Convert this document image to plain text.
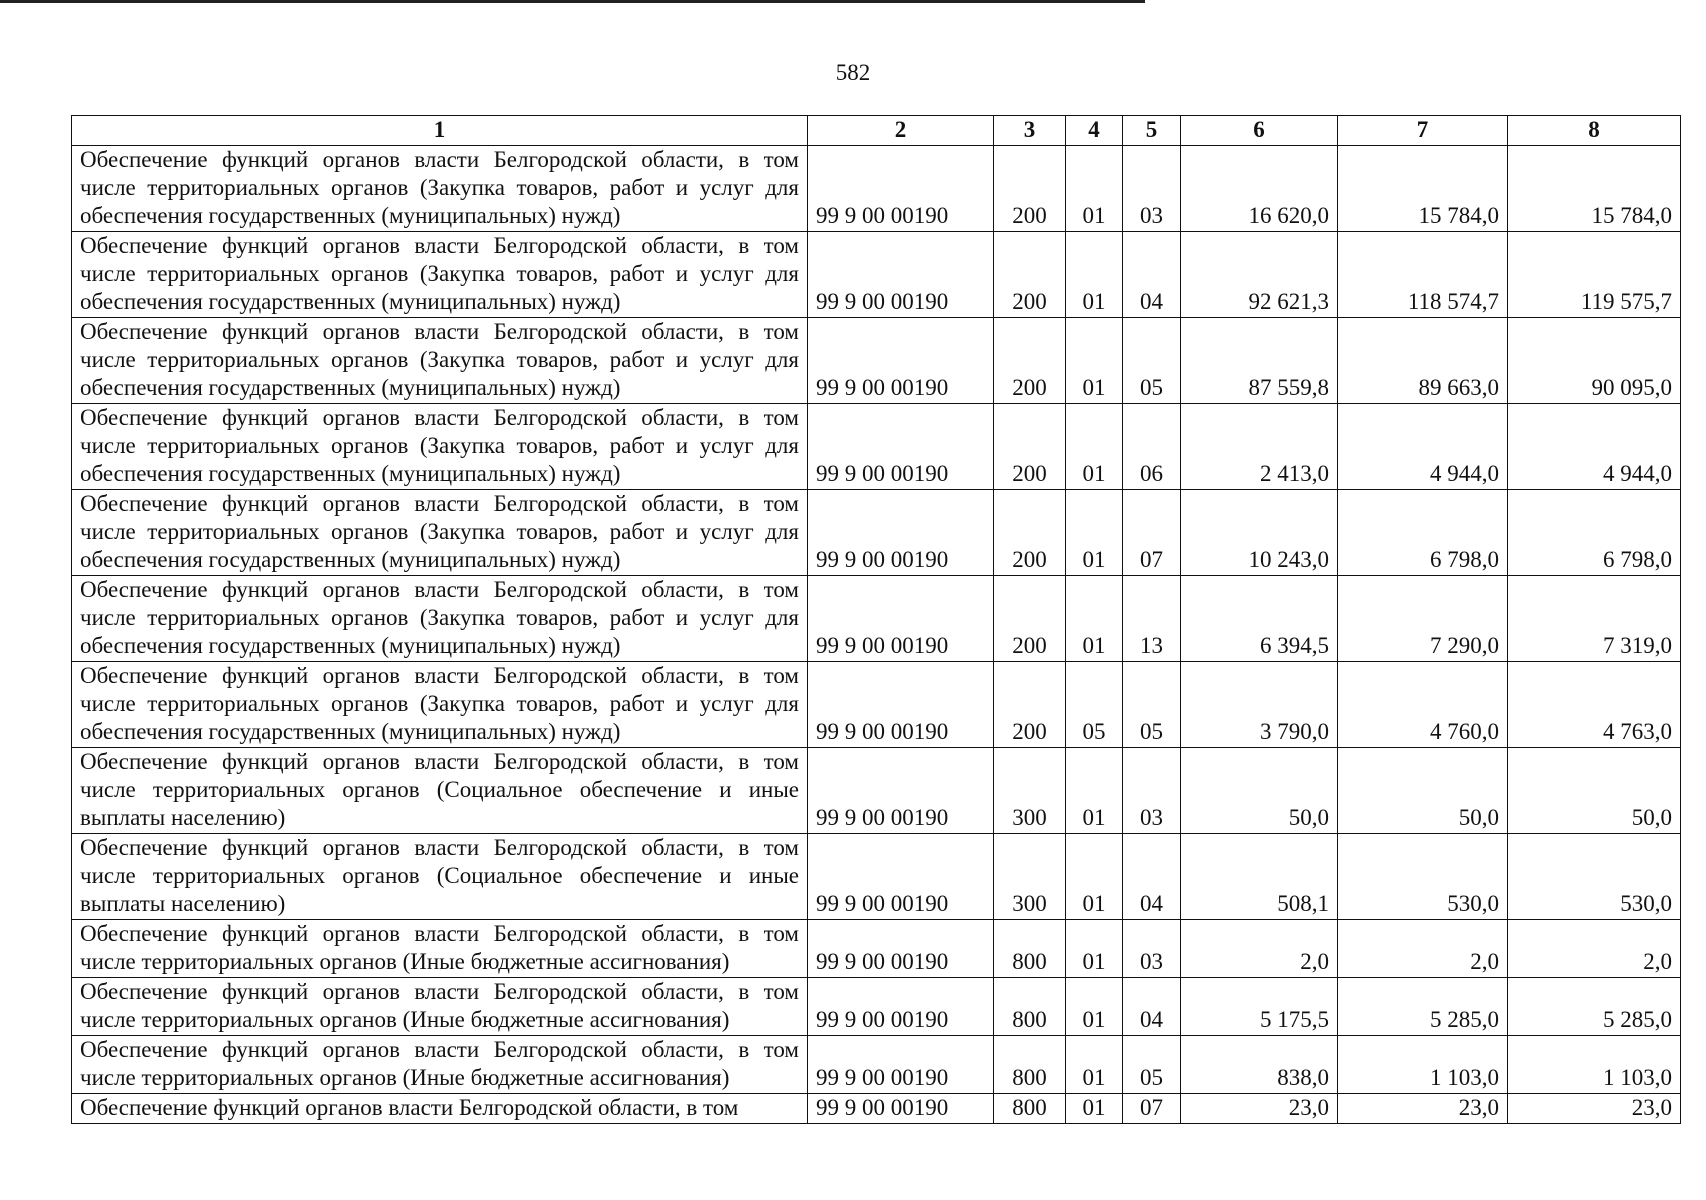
582
1	2	3	4	5	6	7	8
Обеспечение функций органов власти Белгородской области, в том числе территориальных органов (Закупка товаров, работ и услуг для обеспечения государственных (муниципальных) нужд)	99 9 00 00190	200	01	03	16 620,0	15 784,0	15 784,0
Обеспечение функций органов власти Белгородской области, в том числе территориальных органов (Закупка товаров, работ и услуг для обеспечения государственных (муниципальных) нужд)	99 9 00 00190	200	01	04	92 621,3	118 574,7	119 575,7
Обеспечение функций органов власти Белгородской области, в том числе территориальных органов (Закупка товаров, работ и услуг для обеспечения государственных (муниципальных) нужд)	99 9 00 00190	200	01	05	87 559,8	89 663,0	90 095,0
Обеспечение функций органов власти Белгородской области, в том числе территориальных органов (Закупка товаров, работ и услуг для обеспечения государственных (муниципальных) нужд)	99 9 00 00190	200	01	06	2 413,0	4 944,0	4 944,0
Обеспечение функций органов власти Белгородской области, в том числе территориальных органов (Закупка товаров, работ и услуг для обеспечения государственных (муниципальных) нужд)	99 9 00 00190	200	01	07	10 243,0	6 798,0	6 798,0
Обеспечение функций органов власти Белгородской области, в том числе территориальных органов (Закупка товаров, работ и услуг для обеспечения государственных (муниципальных) нужд)	99 9 00 00190	200	01	13	6 394,5	7 290,0	7 319,0
Обеспечение функций органов власти Белгородской области, в том числе территориальных органов (Закупка товаров, работ и услуг для обеспечения государственных (муниципальных) нужд)	99 9 00 00190	200	05	05	3 790,0	4 760,0	4 763,0
Обеспечение функций органов власти Белгородской области, в том числе территориальных органов (Социальное обеспечение и иные выплаты населению)	99 9 00 00190	300	01	03	50,0	50,0	50,0
Обеспечение функций органов власти Белгородской области, в том числе территориальных органов (Социальное обеспечение и иные выплаты населению)	99 9 00 00190	300	01	04	508,1	530,0	530,0
Обеспечение функций органов власти Белгородской области, в том числе территориальных органов (Иные бюджетные ассигнования)	99 9 00 00190	800	01	03	2,0	2,0	2,0
Обеспечение функций органов власти Белгородской области, в том числе территориальных органов (Иные бюджетные ассигнования)	99 9 00 00190	800	01	04	5 175,5	5 285,0	5 285,0
Обеспечение функций органов власти Белгородской области, в том числе территориальных органов (Иные бюджетные ассигнования)	99 9 00 00190	800	01	05	838,0	1 103,0	1 103,0
Обеспечение функций органов власти Белгородской области, в том	99 9 00 00190	800	01	07	23,0	23,0	23,0
